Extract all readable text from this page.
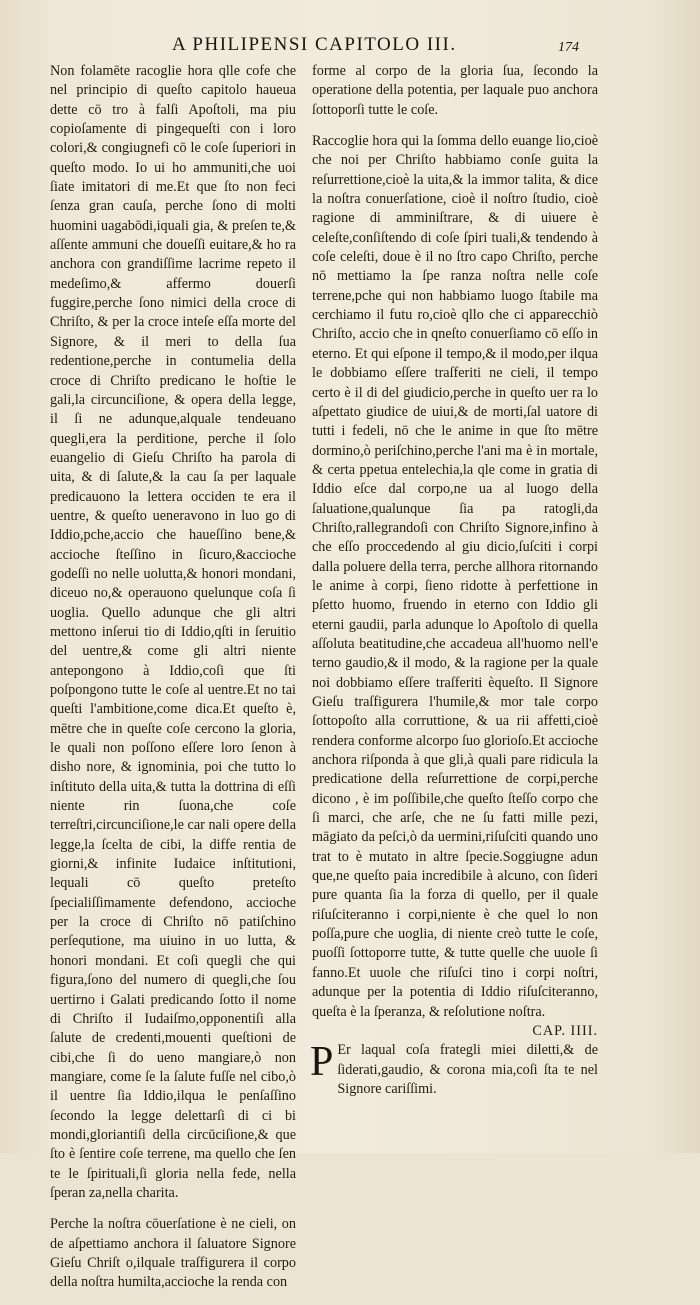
A PHILIPENSI CAPITOLO III.	174

Non folamēte racoglie hora qlle cofe che nel principio di queſto capitolo haueua dette cō tro à falſi Apoſtoli, ma piu copioſamente di pingequeſti con i loro colori,& congiugnefi cō le coſe ſuperiori in queſto modo. Io ui ho ammuniti,che uoi ſiate imitatori di me.Et que ſto non feci ſenza gran cauſa, perche ſono di molti huomini uagabōdi,iquali gia, & preſen te,& aſſente ammuni che doueſſi euitare,& ho ra anchora con grandiſſime lacrime repeto il medeſimo,& affermo douerſi fuggire,perche ſono nimici della croce di Chriſto, & per la croce inteſe eſſa morte del Signore, & il meri to della ſua redentione,perche in contumelia della croce di Chriſto predicano le hoſtie le gali,la circunciſione, & opera della legge, il ſi ne adunque,alquale tendeuano quegli,era la perditione, perche il ſolo euangelio di Gieſu Chriſto ha parola di uita, & di ſalute,& la cau ſa per laquale predicauono la lettera occiden te era il uentre, & queſto ueneravono in luo go di Iddio,pche,accio che haueſſino bene,& accioche ſteſſino in ſicuro,&accioche godeſſi no nelle uolutta,& honori mondani, diceuo no,& operauono quelunque coſa ſi uoglia. Quello adunque che gli altri mettono inſerui tio di Iddio,qſti in ſeruitio del uentre,& come gli altri niente antepongono à Iddio,coſi que ſti poſpongono tutte le coſe al uentre.Et no tai queſti l'ambitione,come dica.Et queſto è, mētre che in queſte coſe cercono la gloria, le quali non poſſono eſſere loro ſenon à disho nore, & ignominia, poi che tutto lo inſtituto della uita,& tutta la dottrina di eſſi niente rin ſuona,che coſe terreſtri,circunciſione,le car nali opere della legge,la ſcelta de cibi, la diffe rentia de giorni,& infinite Iudaice inſtitutioni, lequali cō queſto preteſto ſpecialiſſimamente defendono, accioche per la croce di Chriſto nō patiſchino perſequtione, ma uiuino in uo lutta, & honori mondani. Et coſi quegli che qui figura,ſono del numero di quegli,che ſou uertirno i Galati predicando ſotto il nome di Chriſto il Iudaiſmo,opponentiſi alla ſalute de credenti,mouenti queſtioni de cibi,che ſi do ueno mangiare,ò non mangiare, come ſe la ſalute fuſſe nel cibo,ò il uentre ſia Iddio,ilqua le penſaſſino ſecondo la legge delettarſi di ci bi mondi,gloriantiſi della circūciſione,& que ſto è ſentire coſe terrene, ma quello che ſen te le ſpirituali,ſi gloria nella fede, nella ſperan za,nella charita.

Perche la noſtra cōuerſatione è ne cieli, on de aſpettiamo anchora il ſaluatore Signore Gieſu Chriſt o,ilquale traſfigurera il corpo della noſtra humilta,accioche la renda con

forme al corpo de la gloria ſua, ſecondo la operatione della potentia, per laquale puo anchora ſottoporſi tutte le coſe.

Raccoglie hora qui la ſomma dello euange lio,cioè che noi per Chriſto habbiamo conſe guita la reſurrettione,cioè la uita,& la immor talita, & dice la noſtra conuerſatione, cioè il noſtro ſtudio, cioè ragione di amminiſtrare, & di uiuere è celeſte,conſiſtendo di coſe ſpiri tuali,& tendendo à coſe celeſti, doue è il no ſtro capo Chriſto, perche nō mettiamo la ſpe ranza noſtra nelle coſe terrene,pche qui non habbiamo luogo ſtabile ma cerchiamo il futu ro,cioè qllo che ci apparecchiò Chriſto, accio che in qneſto conuerſiamo cō eſſo in eterno. Et qui eſpone il tempo,& il modo,per ilqua le dobbiamo eſſere traſferiti ne cieli, il tempo certo è il di del giudicio,perche in queſto uer ra lo aſpettato giudice de uiui,& de morti,ſal uatore di tutti i fedeli, nō che le anime in que ſto mētre dormino,ò periſchino,perche l'ani ma è in mortale, & certa ppetua entelechia,la qle come in gratia di Iddio eſce dal corpo,ne ua al luogo della ſaluatione,qualunque ſia pa ratogli,da Chriſto,rallegrandoſi con Chriſto Signore,infino à che eſſo proccedendo al giu dicio,ſuſciti i corpi dalla poluere della terra, perche allhora ritornando le anime à corpi, ſieno ridotte à perfettione in pſetto huomo, fruendo in eterno con Iddio gli eterni gaudii, parla adunque lo Apoſtolo di quella aſſoluta beatitudine,che accadeua all'huomo nell'e terno gaudio,& il modo, & la ragione per la quale noi dobbiamo eſſere traſferiti èqueſto. Il Signore Gieſu traſfigurera l'humile,& mor tale corpo ſottopoſto alla corruttione, & ua rii affetti,cioè rendera conforme alcorpo ſuo glorioſo.Et accioche anchora riſponda à que gli,à quali pare ridicula la predicatione della reſurrettione de corpi,perche dicono , è im poſſibile,che queſto ſteſſo corpo che ſi marci, che arſe, che ne ſu fatti mille pezi, māgiato da peſci,ò da uermini,riſuſciti quando uno trat to è mutato in altre ſpecie.Soggiugne adun que,ne queſto paia incredibile à alcuno, con ſideri pure quanta ſia la forza di quello, per il quale riſuſciteranno i corpi,niente è che quel lo non poſſa,pure che uoglia, di niente creò tutte le coſe, puoſſi ſottoporre tutte, & tutte quelle che uuole ſi fanno.Et uuole che riſuſci tino i corpi noſtri, adunque per la potentia di Iddio riſuſciteranno, queſta è la ſperanza, & reſolutione noſtra.

CAP. IIII.

P Er laqual coſa frategli miei diletti,& de ſiderati,gaudio, & corona mia,coſi ſta te nel Signore cariſſimi.
